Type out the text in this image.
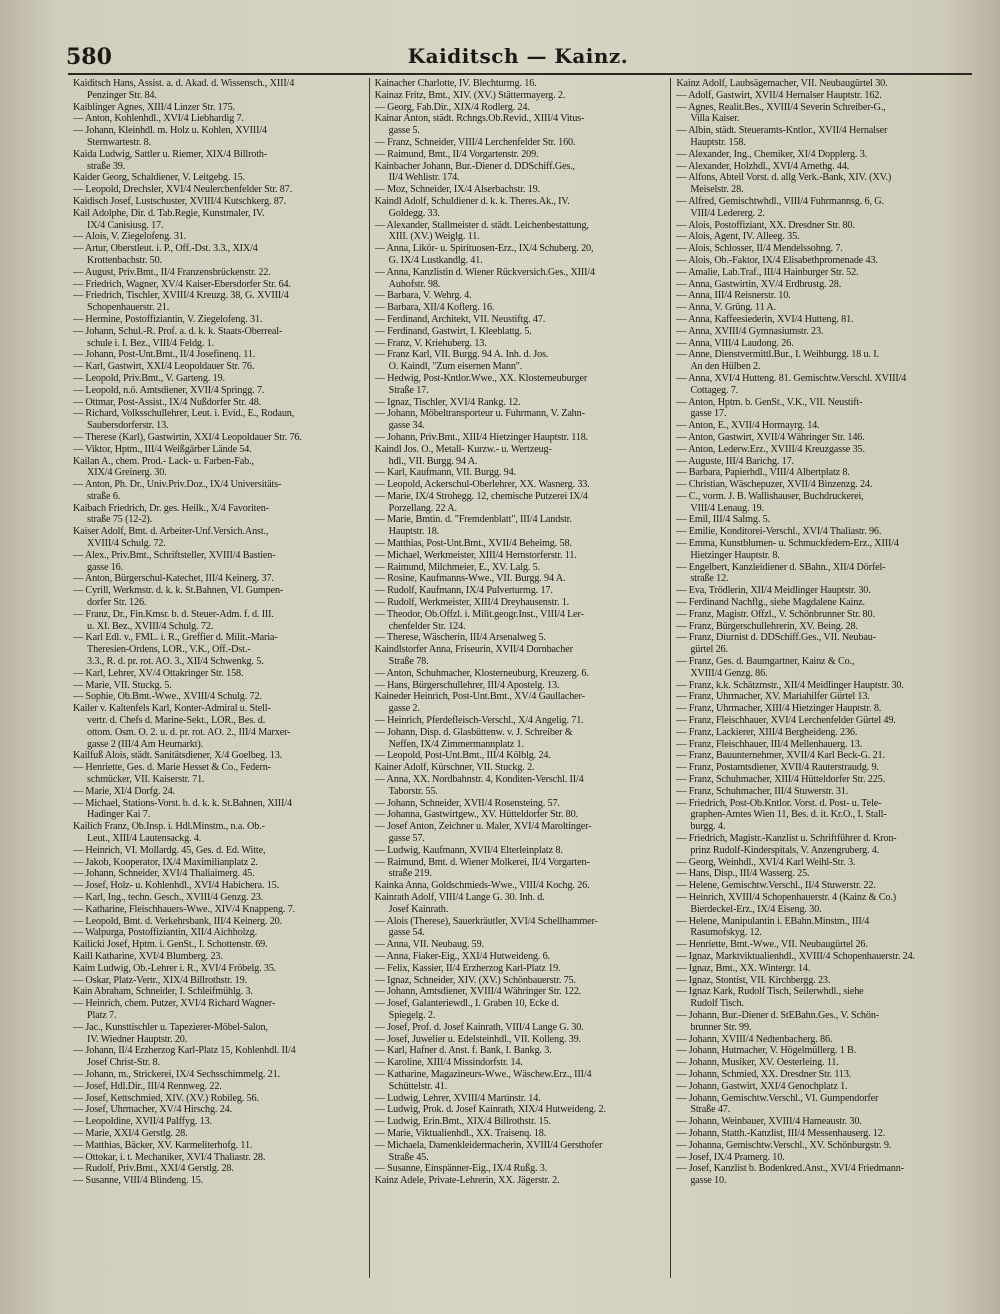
580	Kaiditsch — Kainz.
Kaiditsch Hans, Assist. a. d. Akad. d. Wissensch., XIII/4
Penzinger Str. 84.
Kaiblinger Agnes, XIII/4 Linzer Str. 175.
— Anton, Kohlenhdl., XVI/4 Liebhardig 7.
— Johann, Kleinhdl. m. Holz u. Kohlen, XVIII/4
Sternwartestr. 8.
Kaida Ludwig, Sattler u. Riemer, XIX/4 Billroth-
straße 39.
Kaider Georg, Schaldiener, V. Leitgebg. 15.
— Leopold, Drechsler, XVI/4 Neulerchenfelder Str. 87.
Kaidisch Josef, Lustschuster, XVIII/4 Kutschkerg. 87.
Kail Adolphe, Dir. d. Tab.Regie, Kunstmaler, IV.
IX/4 Canisiusg. 17.
— Alois, V. Ziegelofeng. 31.
— Artur, Oberstleut. i. P., Off.-Dst. 3.3., XIX/4
Krottenbachstr. 50.
— August, Priv.Bmt., II/4 Franzensbrückenstr. 22.
— Friedrich, Wagner, XV/4 Kaiser-Ebersdorfer Str. 64.
— Friedrich, Tischler, XVIII/4 Kreuzg. 38, G. XVIII/4
Schopenhauerstr. 21.
— Hermine, Postoffiziantin, V. Ziegelofeng. 31.
— Johann, Schul.-R. Prof. a. d. k. k. Staats-Oberreal-
schule i. I. Bez., VIII/4 Feldg. 1.
— Johann, Post-Unt.Bmt., II/4 Josefinenq. 11.
— Karl, Gastwirt, XXI/4 Leopoldauer Str. 76.
— Leopold, Priv.Bmt., V. Garteng. 19.
— Leopold, n.ö. Amtsdiener, XVII/4 Springg. 7.
— Ottmar, Post-Assist., IX/4 Nußdorfer Str. 48.
— Richard, Volksschullehrer, Leut. i. Evid., E., Rodaun,
Saubersdorferstr. 13.
— Therese (Karl), Gastwirtin, XXI/4 Leopoldauer Str. 76.
— Viktor, Hptm., III/4 Weißgärber Lände 54.
Kailan A., chem. Prod.- Lack- u. Farben-Fab.,
XIX/4 Greinerg. 30.
— Anton, Ph. Dr., Univ.Priv.Doz., IX/4 Universitäts-
straße 6.
Kaibach Friedrich, Dr. ges. Heilk., X/4 Favoriten-
straße 75 (12-2).
Kaiser Adolf, Bmt. d. Arbeiter-Unf.Versich.Anst.,
XVIII/4 Schulg. 72.
— Alex., Priv.Bmt., Schriftsteller, XVIII/4 Bastien-
gasse 16.
— Anton, Bürgerschul-Katechet, III/4 Keinerg. 37.
— Cyrill, Werkmstr. d. k. k. St.Bahnen, VI. Gumpen-
dorfer Str. 126.
— Franz, Dr., Fin.Kmsr. b. d. Steuer-Adm. f. d. III.
u. XI. Bez., XVIII/4 Schulg. 72.
— Karl Edl. v., FML. i. R., Greffier d. Milit.-Maria-
Theresien-Ordens, LOR., V.K., Off.-Dst.-
3.3., R. d. pr. rot. AO. 3., XII/4 Schwenkg. 5.
— Karl, Lehrer, XV/4 Ottakringer Str. 158.
— Marie, VII. Stuckg. 5.
— Sophie, Ob.Bmt.-Wwe., XVIII/4 Schulg. 72.
Kailer v. Kaltenfels Karl, Konter-Admiral u. Stell-
vertr. d. Chefs d. Marine-Sekt., LOR., Bes. d.
ottom. Osm. O. 2. u. d. pr. rot. AO. 2., III/4 Marxer-
gasse 2 (III/4 Am Heumarkt).
Kailfuß Alois, städt. Sanitätsdiener, X/4 Goelbeg. 13.
— Henriette, Ges. d. Marie Hesset & Co., Federn-
schmücker, VII. Kaiserstr. 71.
— Marie, XI/4 Dorfg. 24.
— Michael, Stations-Vorst. b. d. k. k. St.Bahnen, XIII/4
Hadinger Kai 7.
Kailich Franz, Ob.Insp. i. Hdl.Minstm., n.a. Ob.-
Leut., XIII/4 Lautensackg. 4.
— Heinrich, VI. Mollardg. 45, Ges. d. Ed. Witte,
— Jakob, Kooperator, IX/4 Maximilianplatz 2.
— Johann, Schneider, XVI/4 Thaliaimerg. 45.
— Josef, Holz- u. Kohlenhdl., XVI/4 Habichera. 15.
— Karl, Ing., techn. Gesch., XVIII/4 Genzg. 23.
— Katharine, Fleischhauers-Wwe., XIV/4 Knappeng. 7.
— Leopold, Bmt. d. Verkehrsbank, III/4 Keinerg. 20.
— Walpurga, Postoffiziantin, XII/4 Aichholzg.
Kailicki Josef, Hptm. i. GenSt., I. Schottenstr. 69.
Kaill Katharine, XVI/4 Blumberg. 23.
Kaim Ludwig, Ob.-Lehrer i. R., XVI/4 Fröbelg. 35.
— Oskar, Platz-Vertr., XIX/4 Billrothstr. 19.
Kain Abraham, Schneider, I. Schleifmühlg. 3.
— Heinrich, chem. Putzer, XVI/4 Richard Wagner-
Platz 7.
— Jac., Kunsttischler u. Tapezierer-Möbel-Salon,
IV. Wiedner Hauptstr. 20.
— Johann, II/4 Erzherzog Karl-Platz 15, Kohlenhdl. II/4
Josef Christ-Str. 8.
— Johann, m., Strickerei, IX/4 Sechsschimmelg. 21.
— Josef, Hdl.Dir., III/4 Rennweg. 22.
— Josef, Kettschmied, XIV. (XV.) Robileg. 56.
— Josef, Uhrmacher, XV/4 Hirschg. 24.
— Leopoldine, XVII/4 Palffyg. 13.
— Marie, XXI/4 Gerstlg. 28.
— Matthias, Bäcker, XV. Karmeliterhofg. 11.
— Ottokar, i. t. Mechaniker, XVI/4 Thaliastr. 28.
— Rudolf, Priv.Bmt., XXI/4 Gerstlg. 28.
— Susanne, VIII/4 Blindeng. 15.
Kainacher Charlotte, IV. Blechturmg. 16.
Kainaz Fritz, Bmt., XIV. (XV.) Stättermayerg. 2.
— Georg, Fab.Dir., XIX/4 Rodlerg. 24.
Kainar Anton, städt. Rchngs.Ob.Revid., XIII/4 Vitus-
gasse 5.
— Franz, Schneider, VIII/4 Lerchenfelder Str. 160.
— Raimund, Bmt., II/4 Vorgartenstr. 209.
Kainbacher Johann, Bur.-Diener d. DDSchiff.Ges.,
II/4 Wehlistr. 174.
— Moz, Schneider, IX/4 Alserbachstr. 19.
Kaindl Adolf, Schuldiener d. k. k. Theres.Ak., IV.
Goldegg. 33.
— Alexander, Stallmeister d. städt. Leichenbestattung,
XIII. (XV.) Weiglg. 11.
— Anna, Likör- u. Spirituosen-Erz., IX/4 Schuberg. 20,
G. IX/4 Lustkandlg. 41.
— Anna, Kanzlistin d. Wiener Rückversich.Ges., XIII/4
Auhofstr. 98.
— Barbara, V. Wehrg. 4.
— Barbara, XII/4 Koflerg. 16.
— Ferdinand, Architekt, VII. Neustiftg. 47.
— Ferdinand, Gastwirt, I. Kleeblattg. 5.
— Franz, V. Kriehuberg. 13.
— Franz Karl, VII. Burgg. 94 A. Inh. d. Jos.
O. Kaindl, "Zum eisernen Mann".
— Hedwig, Post-Kntlor.Wwe., XX. Klosterneuburger
Straße 17.
— Ignaz, Tischler, XVI/4 Rankg. 12.
— Johann, Möbeltransporteur u. Fuhrmann, V. Zahn-
gasse 34.
— Johann, Priv.Bmt., XIII/4 Hietzinger Hauptstr. 118.
Kaindl Jos. O., Metall- Kurzw.- u. Wertzeug-
hdl., VII. Burgg. 94 A.
— Karl, Kaufmann, VII. Burgg. 94.
— Leopold, Ackerschul-Oberlehrer, XX. Wasnerg. 33.
— Marie, IX/4 Strohegg. 12, chemische Putzerei IX/4
Porzellang. 22 A.
— Marie, Bmtin. d. "Fremdenblatt", III/4 Landstr.
Hauptstr. 18.
— Matthias, Post-Unt.Bmt., XVII/4 Beheimg. 58.
— Michael, Werkmeister, XIII/4 Hernstorferstr. 11.
— Raimund, Milchmeier, E., XV. Lalg. 5.
— Rosine, Kaufmanns-Wwe., VII. Burgg. 94 A.
— Rudolf, Kaufmann, IX/4 Pulverturmg. 17.
— Rudolf, Werkmeister, XIII/4 Dreyhausenstr. 1.
— Theodor, Ob.Offzl. i. Milit.geogr.Inst., VIII/4 Ler-
chenfelder Str. 124.
— Therese, Wäscherin, III/4 Arsenalweg 5.
Kaindlstorfer Anna, Friseurin, XVII/4 Dornbacher
Straße 78.
— Anton, Schuhmacher, Klosterneuburg, Kreuzerg. 6.
— Hans, Bürgerschullehrer, III/4 Apostelg. 13.
Kaineder Heinrich, Post-Unt.Bmt., XV/4 Gaullacher-
gasse 2.
— Heinrich, Pferdefleisch-Verschl., X/4 Angelig. 71.
— Johann, Disp. d. Glasbüttenw. v. J. Schreiber &
Neffen, IX/4 Zimmermannplatz 1.
— Leopold, Post-Unt.Bmt., III/4 Kölblg. 24.
Kainer Adolf, Kürschner, VII. Stuckg. 2.
— Anna, XX. Nordbahnstr. 4, Konditen-Verschl. II/4
Taborstr. 55.
— Johann, Schneider, XVII/4 Rosensteing. 57.
— Johanna, Gastwirtgew., XV. Hütteldorfer Str. 80.
— Josef Anton, Zeichner u. Maler, XVI/4 Maroltinger-
gasse 57.
— Ludwig, Kaufmann, XVII/4 Elterleinplatz 8.
— Raimund, Bmt. d. Wiener Molkerei, II/4 Vorgarten-
straße 219.
Kainka Anna, Goldschmieds-Wwe., VIII/4 Kochg. 26.
Kainrath Adolf, VIII/4 Lange G. 30. Inh. d.
Josef Kainrath.
— Alois (Therese), Sauerkräutler, XVI/4 Schellhammer-
gasse 54.
— Anna, VII. Neubaug. 59.
— Anna, Fiaker-Eig., XXI/4 Hutweideng. 6.
— Felix, Kassier, II/4 Erzherzog Karl-Platz 19.
— Ignaz, Schneider, XIV. (XV.) Schönbauerstr. 75.
— Johann, Amtsdiener, XVIII/4 Währinger Str. 122.
— Josef, Galanteriewdl., I. Graben 10, Ecke d.
Spiegelg. 2.
— Josef, Prof. d. Josef Kainrath, VIII/4 Lange G. 30.
— Josef, Juwelier u. Edelsteinhdl., VII. Kolleng. 39.
— Karl, Hafner d. Anst. f. Bank, I. Bankg. 3.
— Karoline, XIII/4 Missindorfstr. 14.
— Katharine, Magazineurs-Wwe., Wäschew.Erz., III/4
Schüttelstr. 41.
— Ludwig, Lehrer, XVIII/4 Martinstr. 14.
— Ludwig, Prok. d. Josef Kainrath, XIX/4 Hutweideng. 2.
— Ludwig, Erin.Bmt., XIX/4 Billrothstr. 15.
— Marie, Viktualienhdl., XX. Traisenq. 18.
— Michaela, Damenkleidermacherin, XVIII/4 Gersthofer
Straße 45.
— Susanne, Einspänner-Eig., IX/4 Rußg. 3.
Kainz Adele, Private-Lehrerin, XX. Jägerstr. 2.
Kainz Adolf, Laubsägemacher, VII. Neubaugürtel 30.
— Adolf, Gastwirt, XVII/4 Hernalser Hauptstr. 162.
— Agnes, Realit.Bes., XVIII/4 Severin Schreiber-G.,
Villa Kaiser.
— Albin, städt. Steueramts-Kntlor., XVII/4 Hernalser
Hauptstr. 158.
— Alexander, Ing., Chemiker, XI/4 Dopplerg. 3.
— Alexander, Holzhdl., XVI/4 Arnethg. 44.
— Alfons, Abteil Vorst. d. allg Verk.-Bank, XIV. (XV.)
Meiselstr. 28.
— Alfred, Gemischtwhdl., VIII/4 Fuhrmannsg. 6, G.
VIII/4 Ledererg. 2.
— Alois, Postoffiziant, XX. Dresdner Str. 80.
— Alois, Agent, IV. Alleeg. 35.
— Alois, Schlosser, II/4 Mendelssohng. 7.
— Alois, Ob.-Faktor, IX/4 Elisabethpromenade 43.
— Amalie, Lab.Traf., III/4 Hainburger Str. 52.
— Anna, Gastwirtin, XV/4 Erdbrustg. 28.
— Anna, III/4 Reisnerstr. 10.
— Anna, V. Grüng. 11 A.
— Anna, Kaffeesiederin, XVI/4 Hutteng. 81.
— Anna, XVIII/4 Gymnasiumstr. 23.
— Anna, VIII/4 Laudong. 26.
— Anne, Dienstvermittl.Bur., I. Weihburgg. 18 u. I.
An den Hülben 2.
— Anna, XVI/4 Hutteng. 81. Gemischtw.Verschl. XVIII/4
Cottageg. 7.
— Anton, Hptm. b. GenSt., V.K., VII. Neustift-
gasse 17.
— Anton, E., XVII/4 Hormayrg. 14.
— Anton, Gastwirt, XVII/4 Währinger Str. 146.
— Anton, Lederw.Erz., XVIII/4 Kreuzgasse 35.
— Auguste, III/4 Barichg. 17.
— Barbara, Papierhdl., VIII/4 Albertplatz 8.
— Christian, Wäschepuzer, XVII/4 Binzenzg. 24.
— C., vorm. J. B. Wallishauser, Buchdruckerei,
VIII/4 Lenaug. 19.
— Emil, III/4 Salmg. 5.
— Emilie, Konditorei-Verschl., XVI/4 Thaliastr. 96.
— Emma, Kunstblumen- u. Schmuckfedern-Erz., XIII/4
Hietzinger Hauptstr. 8.
— Engelbert, Kanzleidiener d. SBahn., XII/4 Dörfel-
straße 12.
— Eva, Trödlerin, XII/4 Meidlinger Hauptstr. 30.
— Ferdinand Nachflg., siehe Magdalene Kainz.
— Franz, Magistr. Offzl., V. Schönbrunner Str. 80.
— Franz, Bürgerschullehrerin, XV. Being. 28.
— Franz, Diurnist d. DDSchiff.Ges., VII. Neubau-
gürtel 26.
— Franz, Ges. d. Baumgartner, Kainz & Co.,
XVIII/4 Genzg. 86.
— Franz, k.k. Schätzmstr., XII/4 Meidlinger Hauptstr. 30.
— Franz, Uhrmacher, XV. Mariahilfer Gürtel 13.
— Franz, Uhrmacher, XIII/4 Hietzinger Hauptstr. 8.
— Franz, Fleischhauer, XVI/4 Lerchenfelder Gürtel 49.
— Franz, Lackierer, XIII/4 Bergheideng. 236.
— Franz, Fleischhauer, III/4 Mellenhauerg. 13.
— Franz, Bauunternehmer, XVII/4 Karl Beck-G. 21.
— Franz, Postamtsdiener, XVII/4 Rauterstraudg. 9.
— Franz, Schuhmacher, XIII/4 Hütteldorfer Str. 225.
— Franz, Schuhmacher, III/4 Stuwerstr. 31.
— Friedrich, Post-Ob.Kntlor. Vorst. d. Post- u. Tele-
graphen-Amtes Wien 11, Bes. d. it. Kr.O., I. Stall-
burgg. 4.
— Friedrich, Magistr.-Kanzlist u. Schriftführer d. Kron-
prinz Rudolf-Kinderspitals, V. Anzengruberg. 4.
— Georg, Weinhdl., XVI/4 Karl Weihl-Str. 3.
— Hans, Disp., III/4 Wasserg. 25.
— Helene, Gemischtw.Verschl., II/4 Stuwerstr. 22.
— Heinrich, XVIII/4 Schopenhauerstr. 4 (Kainz & Co.)
Bierdeckel-Erz., IX/4 Eiseng. 30.
— Helene, Manipulantin i. EBahn.Minstm., III/4
Rasumofskyg. 12.
— Henriette, Bmt.-Wwe., VII. Neubaugürtel 26.
— Ignaz, Marktviktualienhdl., XVIII/4 Schopenhauerstr. 24.
— Ignaz, Bmt., XX. Wintergr. 14.
— Ignaz, Stontist, VII. Kirchbergg. 23.
— Ignaz Kark, Rudolf Tisch, Seilerwhdl., siehe
Rudolf Tisch.
— Johann, Bur.-Diener d. StEBahn.Ges., V. Schön-
brunner Str. 99.
— Johann, XVIII/4 Nedtenbacherg. 86.
— Johann, Hutmacher, V. Högelmüllerg. 1 B.
— Johann, Musiker, XV. Oesterleing. 11.
— Johann, Schmied, XX. Dresdner Str. 113.
— Johann, Gastwirt, XXI/4 Genochplatz 1.
— Johann, Gemischtw.Verschl., VI. Gumpendorfer
Straße 47.
— Johann, Weinbauer, XVIII/4 Hameaustr. 30.
— Johann, Statth.-Kanzlist, III/4 Messenhauserg. 12.
— Johanna, Gemischtw.Verschl., XV. Schönburgstr. 9.
— Josef, IX/4 Pramerg. 10.
— Josef, Kanzlist b. Bodenkred.Anst., XVI/4 Friedmann-
gasse 10.
